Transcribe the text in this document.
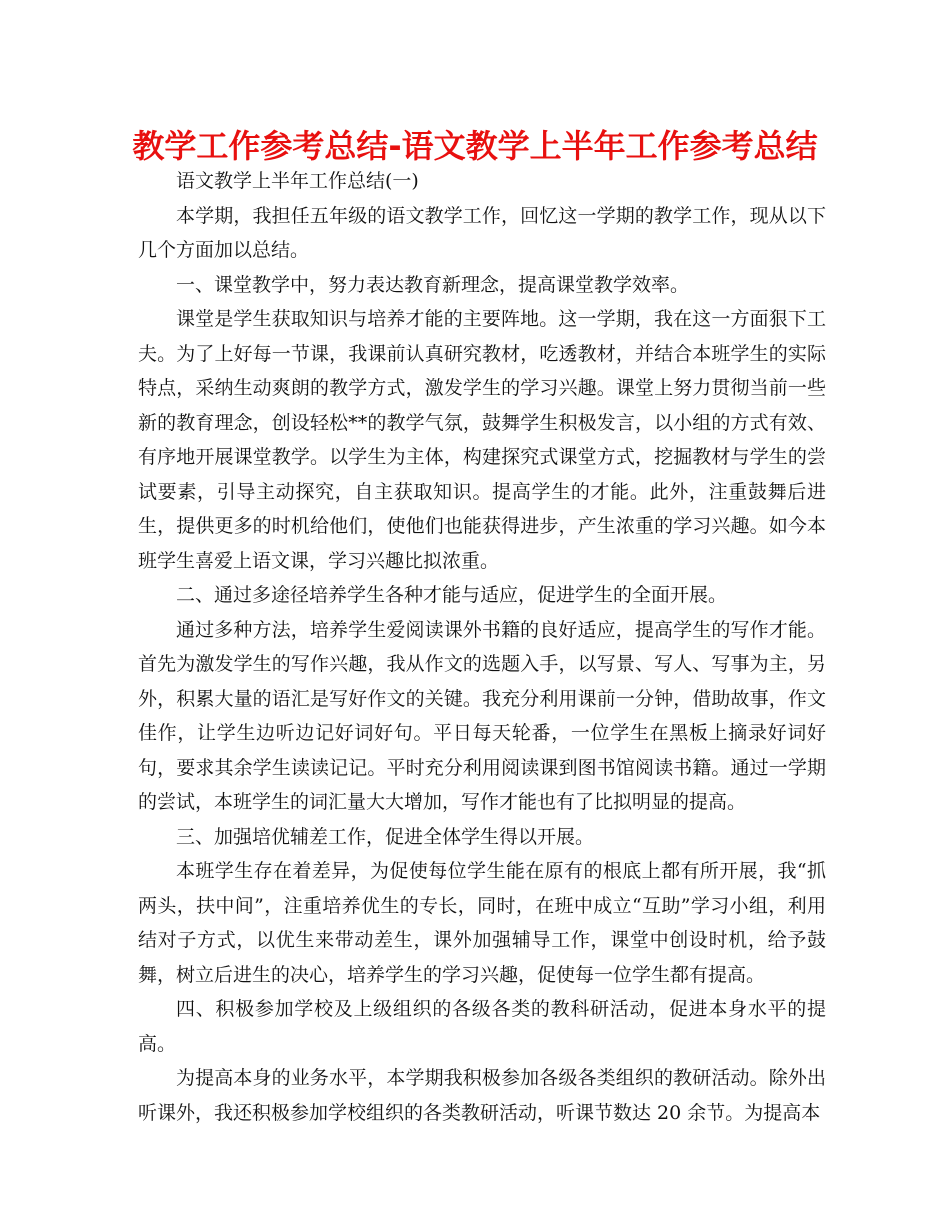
教学工作参考总结-语文教学上半年工作参考总结

语文教学上半年工作总结(一)

本学期，我担任五年级的语文教学工作，回忆这一学期的教学工作，现从以下几个方面加以总结。

一、课堂教学中，努力表达教育新理念，提高课堂教学效率。

课堂是学生获取知识与培养才能的主要阵地。这一学期，我在这一方面狠下工夫。为了上好每一节课，我课前认真研究教材，吃透教材，并结合本班学生的实际特点，采纳生动爽朗的教学方式，激发学生的学习兴趣。课堂上努力贯彻当前一些新的教育理念，创设轻松**的教学气氛，鼓舞学生积极发言，以小组的方式有效、有序地开展课堂教学。以学生为主体，构建探究式课堂方式，挖掘教材与学生的尝试要素，引导主动探究，自主获取知识。提高学生的才能。此外，注重鼓舞后进生，提供更多的时机给他们，使他们也能获得进步，产生浓重的学习兴趣。如今本班学生喜爱上语文课，学习兴趣比拟浓重。

二、通过多途径培养学生各种才能与适应，促进学生的全面开展。

通过多种方法，培养学生爱阅读课外书籍的良好适应，提高学生的写作才能。首先为激发学生的写作兴趣，我从作文的选题入手，以写景、写人、写事为主，另外，积累大量的语汇是写好作文的关键。我充分利用课前一分钟，借助故事，作文佳作，让学生边听边记好词好句。平日每天轮番，一位学生在黑板上摘录好词好句，要求其余学生读读记记。平时充分利用阅读课到图书馆阅读书籍。通过一学期的尝试，本班学生的词汇量大大增加，写作才能也有了比拟明显的提高。

三、加强培优辅差工作，促进全体学生得以开展。

本班学生存在着差异，为促使每位学生能在原有的根底上都有所开展，我“抓两头，扶中间”，注重培养优生的专长，同时，在班中成立“互助”学习小组，利用结对子方式，以优生来带动差生，课外加强辅导工作，课堂中创设时机，给予鼓舞，树立后进生的决心，培养学生的学习兴趣，促使每一位学生都有提高。

四、积极参加学校及上级组织的各级各类的教科研活动，促进本身水平的提高。

为提高本身的业务水平，本学期我积极参加各级各类组织的教研活动。除外出听课外，我还积极参加学校组织的各类教研活动，听课节数达 20 余节。为提高本
